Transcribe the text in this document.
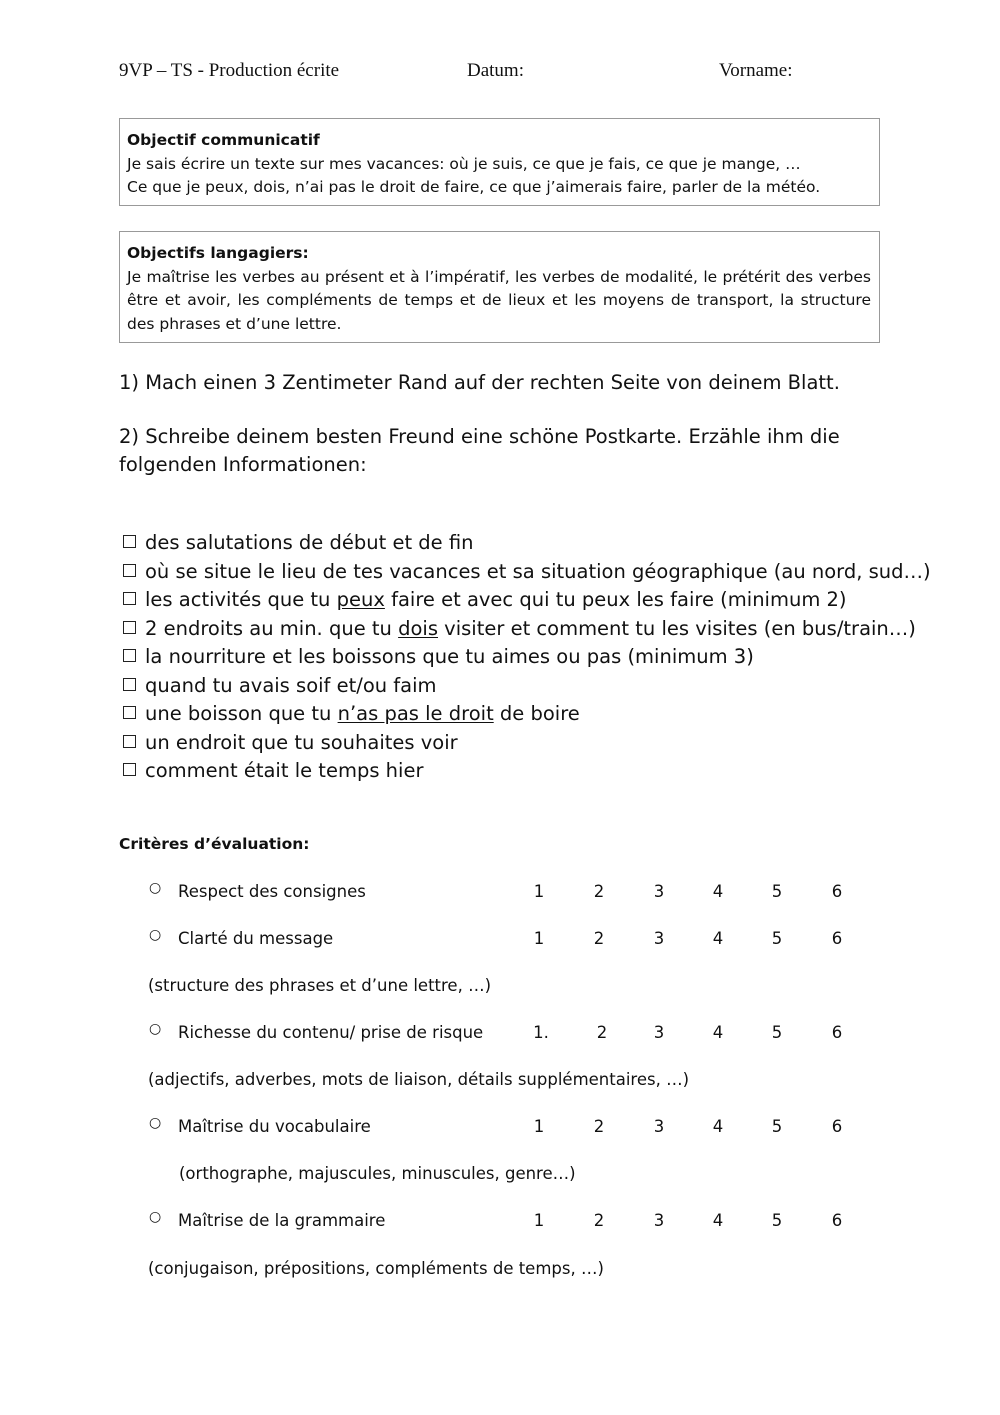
9VP – TS - Production écrite	Datum:	Vorname:
Objectif communicatif
Je sais écrire un texte sur mes vacances: où je suis, ce que je fais, ce que je mange, …
Ce que je peux, dois, n’ai pas le droit de faire, ce que j’aimerais faire, parler de la météo.
Objectifs langagiers:
Je maîtrise les verbes au présent et à l’impératif, les verbes de modalité, le prétérit des verbes être et avoir, les compléments de temps et de lieux et les moyens de transport, la structure des phrases et d’une lettre.
1) Mach einen 3 Zentimeter Rand auf der rechten Seite von deinem Blatt.
2) Schreibe deinem besten Freund eine schöne Postkarte. Erzähle ihm die folgenden Informationen:
des salutations de début et de fin
où se situe le lieu de tes vacances et sa situation géographique (au nord, sud…)
les activités que tu peux faire et avec qui tu peux les faire (minimum 2)
2 endroits au min. que tu dois visiter et comment tu les visites (en bus/train…)
la nourriture et les boissons que tu aimes ou pas (minimum 3)
quand tu avais soif et/ou faim
une boisson que tu n’as pas le droit de boire
un endroit que tu souhaites voir
comment était le temps hier
Critères d’évaluation:
○ Respect des consignes	1	2	3	4	5	6
○ Clarté du message	1	2	3	4	5	6
(structure des phrases et d’une lettre, …)
○ Richesse du contenu/ prise de risque	1.	2	3	4	5	6
(adjectifs, adverbes, mots de liaison, détails supplémentaires, …)
○ Maîtrise du vocabulaire	1	2	3	4	5	6
(orthographe, majuscules, minuscules, genre…)
○ Maîtrise de la grammaire	1	2	3	4	5	6
(conjugaison, prépositions, compléments de temps, …)
